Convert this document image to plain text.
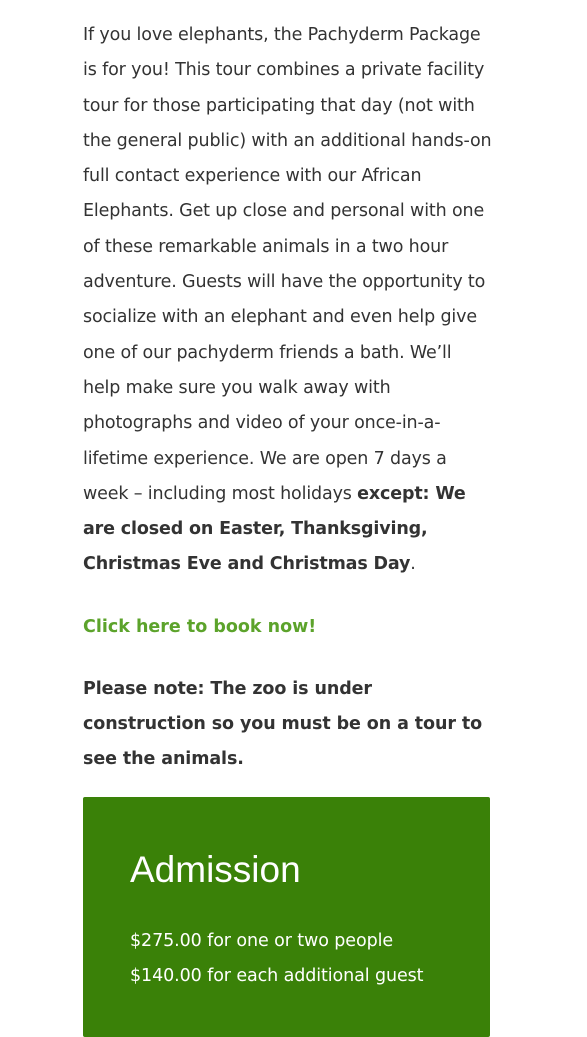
If you love elephants, the Pachyderm Package is for you! This tour combines a private facility tour for those participating that day (not with the general public) with an additional hands-on full contact experience with our African Elephants. Get up close and personal with one of these remarkable animals in a two hour adventure. Guests will have the opportunity to socialize with an elephant and even help give one of our pachyderm friends a bath. We’ll help make sure you walk away with photographs and video of your once-in-a-lifetime experience. We are open 7 days a week – including most holidays except: We are closed on Easter, Thanksgiving, Christmas Eve and Christmas Day.

Click here to book now!

Please note: The zoo is under construction so you must be on a tour to see the animals.

Admission
$275.00 for one or two people
$140.00 for each additional guest
